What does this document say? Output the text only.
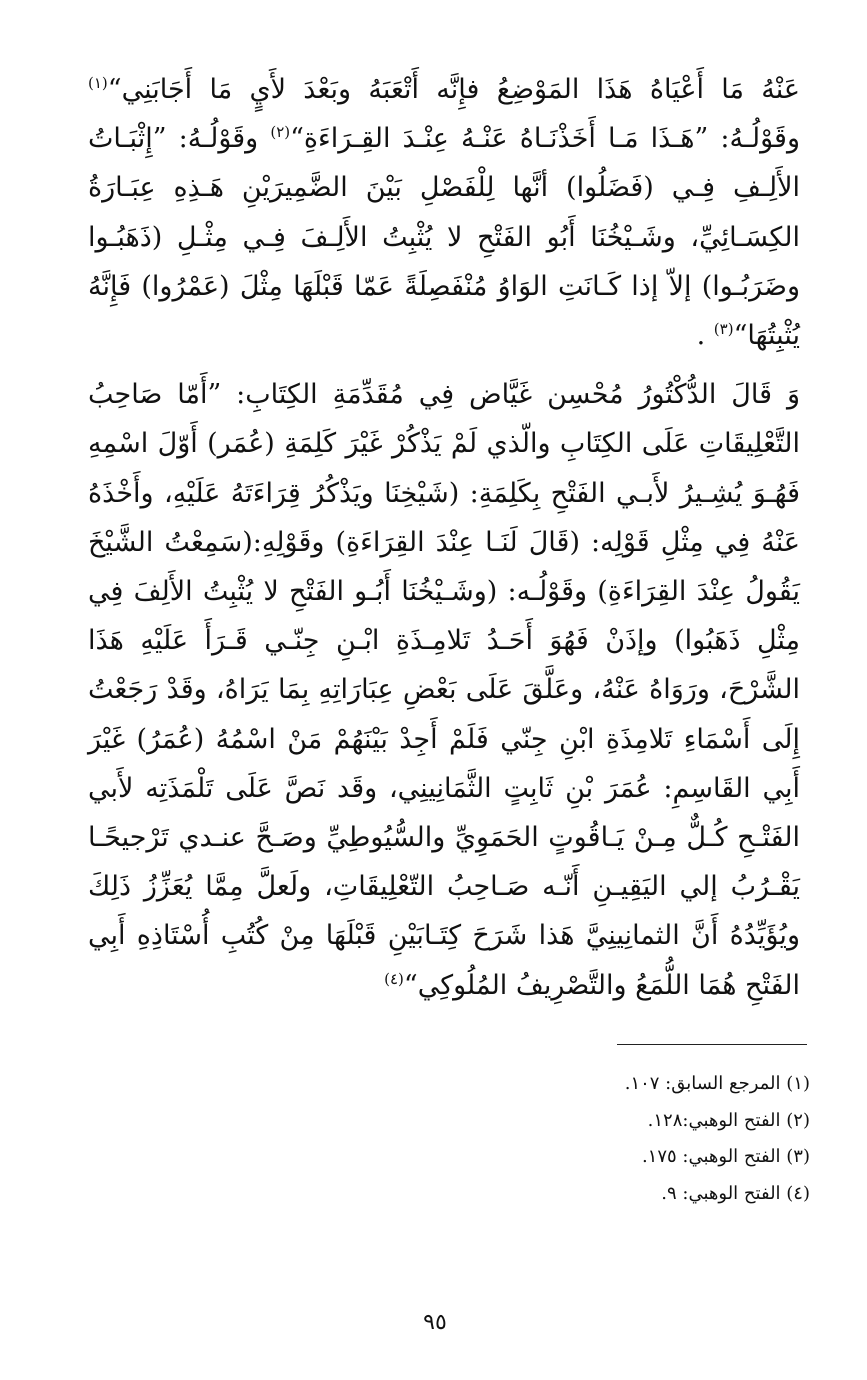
عَنْهُ مَا أَعْيَاهُ هَذَا المَوْضِعُ فإِنَّه أَتْعَبَهُ وبَعْدَ لأَيٍ مَا أَجَابَنِي“$^{(١)}$ وقَوْلُـهُ: ”هَـذَا مَـا أَخَذْنَـاهُ عَنْـهُ عِنْـدَ القِـرَاءَةِ“$^{(٢)}$ وقَوْلُـهُ: ”إِثْبَـاتُ الأَلِـفِ فِـي (فَضَلُوا) أنَّها لِلْفَصْلِ بَيْنَ الضَّمِيرَيْنِ هَـذِهِ عِبَـارَةُ الكِسَـائِيِّ، وشَـيْخُنَا أَبُو الفَتْحِ لا يُثْبِتُ الأَلِـفَ فِـي مِثْـلِ (ذَهَبُـوا وضَرَبُـوا) إلاّ إذا كَـانَتِ الوَاوُ مُنْفَصِلَةً عَمّا قَبْلَهَا مِثْلَ (عَمْرُوا) فَإِنَّهُ يُثْبِتُهَا“$^{(٣)}$ .

وَ قَالَ الدُّكْتُورُ مُحْسِن غَيَّاض فِي مُقَدِّمَةِ الكِتَابِ: ”أَمّا صَاحِبُ التَّعْلِيقَاتِ عَلَى الكِتَابِ والّذي لَمْ يَذْكُرْ غَيْرَ كَلِمَةِ (عُمَر) أَوّلَ اسْمِهِ فَهُـوَ يُشِـيرُ لأَبـي الفَتْحِ بِكَلِمَةِ: (شَيْخِنَا ويَذْكُرُ قِرَاءَتَهُ عَلَيْهِ، وأَخْذَهُ عَنْهُ فِي مِثْلِ قَوْلِه: (قَالَ لَنَـا عِنْدَ القِرَاءَةِ) وقَوْلِهِ:(سَمِعْتُ الشَّيْخَ يَقُولُ عِنْدَ القِرَاءَةِ) وقَوْلُـه: (وشَـيْخُنَا أَبُـو الفَتْحِ لا يُثْبِتُ الأَلِفَ فِي مِثْلِ ذَهَبُوا) وإذَنْ فَهُوَ أَحَـدُ تَلامِـذَةِ ابْـنِ جِنّـي قَـرَأَ عَلَيْهِ هَذَا الشَّرْحَ، ورَوَاهُ عَنْهُ، وعَلَّقَ عَلَى بَعْضِ عِبَارَاتِهِ بِمَا يَرَاهُ، وقَدْ رَجَعْتُ إِلَى أَسْمَاءِ تَلامِذَةِ ابْنِ جِنّي فَلَمْ أَجِدْ بَيْنَهُمْ مَنْ اسْمُهُ (عُمَرُ) غَيْرَ أَبِي القَاسِمِ: عُمَرَ بْنِ ثَابِتٍ الثَّمَانِينِي، وقَد نَصَّ عَلَى تَلْمَذَتِه لأَبي الفَتْـحِ كُـلٌّ مِـنْ يَـاقُوتٍ الحَمَوِيِّ والسُّيُوطِيِّ وصَـحَّ عنـدي تَرْجيحًـا يَقْـرُبُ إلي اليَقِيـنِ أَنّـه صَـاحِبُ التّعْلِيقَاتِ، ولَعلَّ مِمَّا يُعَزِّزُ ذَلِكَ ويُؤَيِّدُهُ أَنَّ الثمانِينِيَّ هَذا شَرَحَ كِتَـابَيْنِ قَبْلَهَا مِنْ كُتُبِ أُسْتَاذِهِ أَبِي الفَتْحِ هُمَا اللُّمَعُ والتَّصْرِيفُ المُلُوكِي“$^{(٤)}$

(١) المرجع السابق: ١٠٧.
(٢) الفتح الوهبي:١٢٨.
(٣) الفتح الوهبي: ١٧٥.
(٤) الفتح الوهبي: ٩.
٩٥
